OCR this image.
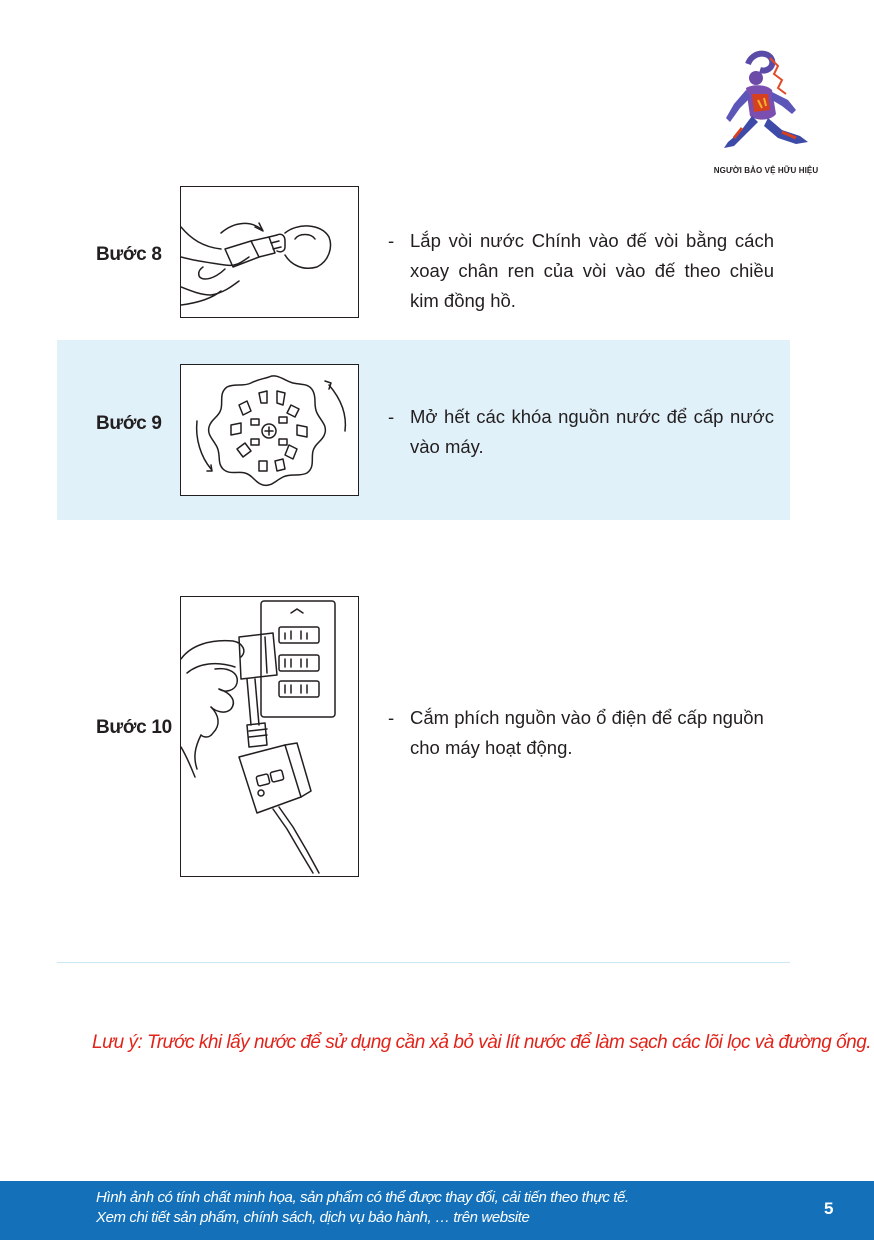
NGƯỜI BẢO VỆ HỮU HIỆU
Bước 8
- Lắp vòi nước Chính vào đế vòi bằng cách xoay chân ren của vòi vào đế theo chiều kim đồng hồ.
Bước 9	- Mở hết các khóa nguồn nước để cấp nước vào máy.
Bước 10	- Cắm phích nguồn vào ổ điện để cấp nguồn cho máy hoạt động.
Lưu ý: Trước khi lấy nước để sử dụng cần xả bỏ vài lít nước để làm sạch các lõi lọc và đường ống.
Hình ảnh có tính chất minh họa, sản phẩm có thể được thay đổi, cải tiến theo thực tế.
Xem chi tiết sản phẩm, chính sách, dịch vụ bảo hành, … trên website	5
